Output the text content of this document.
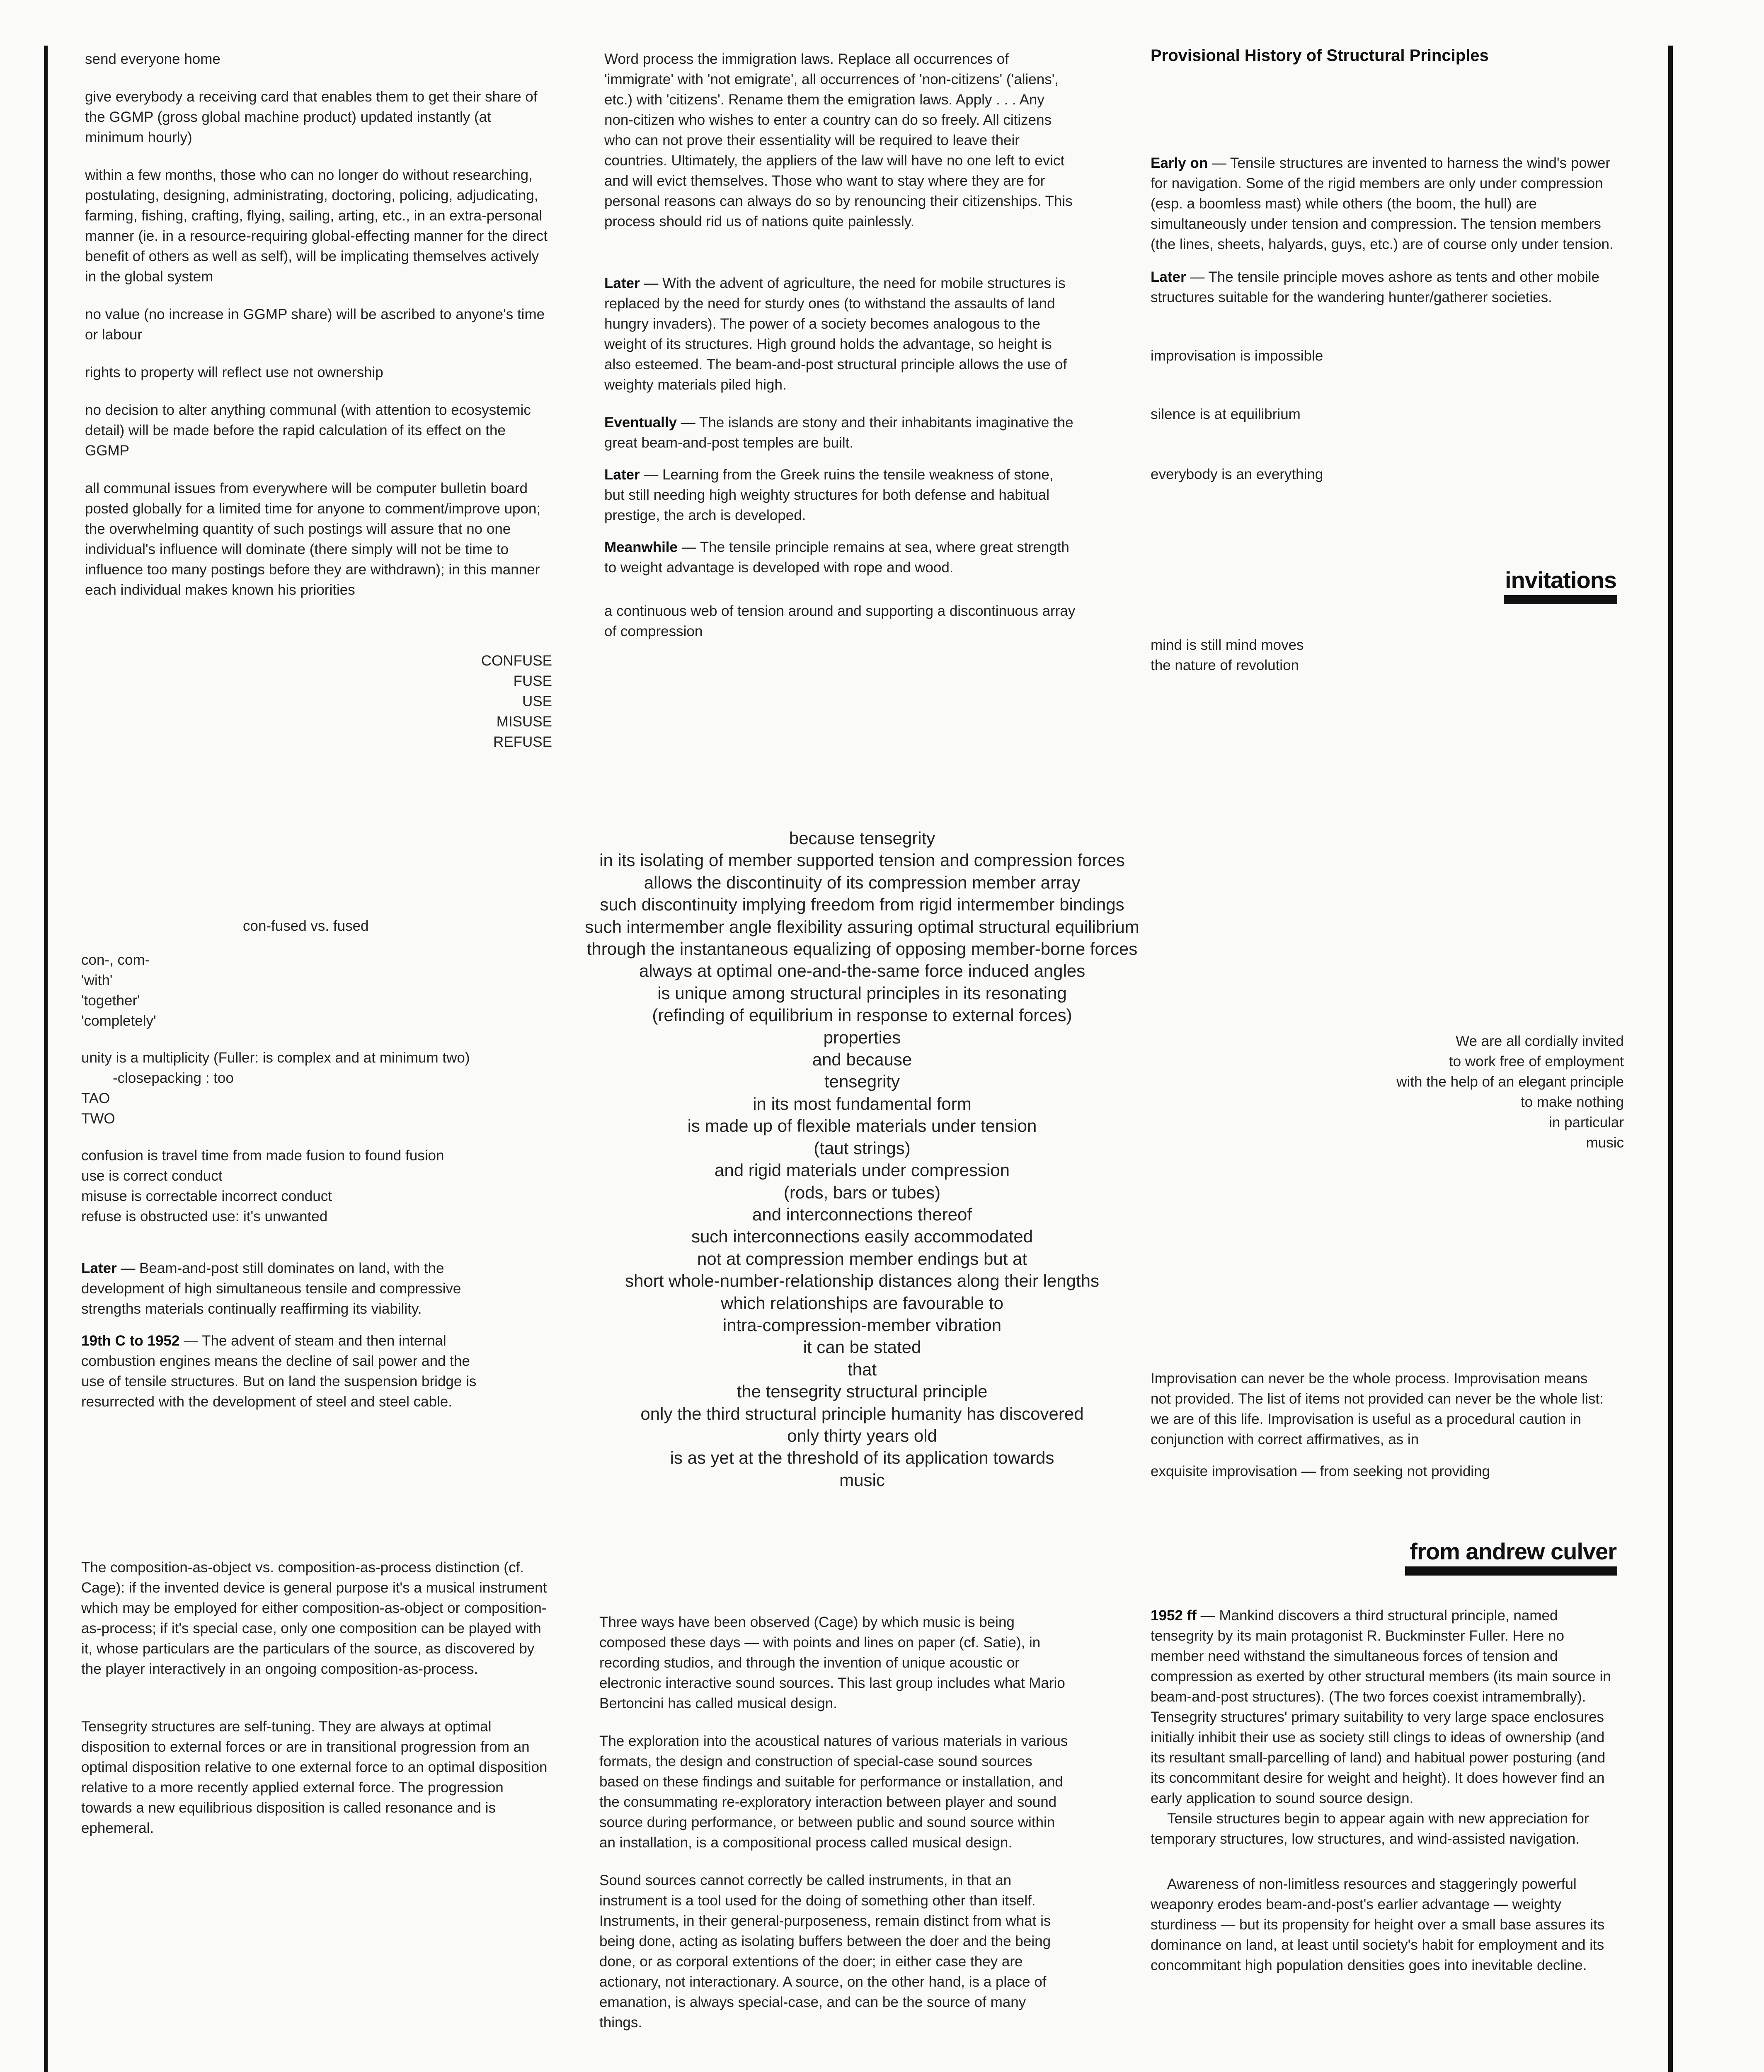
send everyone home

give everybody a receiving card that enables them to get their share of the GGMP (gross global machine product) updated instantly (at minimum hourly)

within a few months, those who can no longer do without researching, postulating, designing, administrating, doctoring, policing, adjudicating, farming, fishing, crafting, flying, sailing, arting, etc., in an extra-personal manner (ie. in a resource-requiring global-effecting manner for the direct benefit of others as well as self), will be implicating themselves actively in the global system

no value (no increase in GGMP share) will be ascribed to anyone's time or labour

rights to property will reflect use not ownership

no decision to alter anything communal (with attention to ecosystemic detail) will be made before the rapid calculation of its effect on the GGMP

all communal issues from everywhere will be computer bulletin board posted globally for a limited time for anyone to comment/improve upon; the overwhelming quantity of such postings will assure that no one individual's influence will dominate (there simply will not be time to influence too many postings before they are withdrawn); in this manner each individual makes known his priorities

CONFUSE
FUSE
USE
MISUSE
REFUSE

Word process the immigration laws. Replace all occurrences of 'immigrate' with 'not emigrate', all occurrences of 'non-citizens' ('aliens', etc.) with 'citizens'. Rename them the emigration laws. Apply . . . Any non-citizen who wishes to enter a country can do so freely. All citizens who can not prove their essentiality will be required to leave their countries. Ultimately, the appliers of the law will have no one left to evict and will evict themselves. Those who want to stay where they are for personal reasons can always do so by renouncing their citizenships. This process should rid us of nations quite painlessly.

Later — With the advent of agriculture, the need for mobile structures is replaced by the need for sturdy ones (to withstand the assaults of land hungry invaders). The power of a society becomes analogous to the weight of its structures. High ground holds the advantage, so height is also esteemed. The beam-and-post structural principle allows the use of weighty materials piled high.

Eventually — The islands are stony and their inhabitants imaginative the great beam-and-post temples are built.

Later — Learning from the Greek ruins the tensile weakness of stone, but still needing high weighty structures for both defense and habitual prestige, the arch is developed.

Meanwhile — The tensile principle remains at sea, where great strength to weight advantage is developed with rope and wood.

a continuous web of tension around and supporting a discontinuous array of compression

Provisional History of Structural Principles

Early on — Tensile structures are invented to harness the wind's power for navigation. Some of the rigid members are only under compression (esp. a boomless mast) while others (the boom, the hull) are simultaneously under tension and compression. The tension members (the lines, sheets, halyards, guys, etc.) are of course only under tension.

Later — The tensile principle moves ashore as tents and other mobile structures suitable for the wandering hunter/gatherer societies.

improvisation is impossible

silence is at equilibrium

everybody is an everything

invitations
mind is still mind moves
the nature of revolution
because tensegrity
in its isolating of member supported tension and compression forces
allows the discontinuity of its compression member array
such discontinuity implying freedom from rigid intermember bindings
such intermember angle flexibility assuring optimal structural equilibrium
through the instantaneous equalizing of opposing member-borne forces
always at optimal one-and-the-same force induced angles
is unique among structural principles in its resonating
(refinding of equilibrium in response to external forces)
properties
and because
tensegrity
in its most fundamental form
is made up of flexible materials under tension
(taut strings)
and rigid materials under compression
(rods, bars or tubes)
and interconnections thereof
such interconnections easily accommodated
not at compression member endings but at
short whole-number-relationship distances along their lengths
which relationships are favourable to
intra-compression-member vibration
it can be stated
that
the tensegrity structural principle
only the third structural principle humanity has discovered
only thirty years old
is as yet at the threshold of its application towards
music
con-fused vs. fused
con-, com-
'with'
'together'
'completely'
unity is a multiplicity (Fuller: is complex and at minimum two)
-closepacking : too
TAO
TWO
confusion is travel time from made fusion to found fusion
use is correct conduct
misuse is correctable incorrect conduct
refuse is obstructed use: it's unwanted

Later — Beam-and-post still dominates on land, with the development of high simultaneous tensile and compressive strengths materials continually reaffirming its viability.

19th C to 1952 — The advent of steam and then internal combustion engines means the decline of sail power and the use of tensile structures. But on land the suspension bridge is resurrected with the development of steel and steel cable.

We are all cordially invited
to work free of employment
with the help of an elegant principle
to make nothing
in particular
music

Improvisation can never be the whole process. Improvisation means not provided. The list of items not provided can never be the whole list: we are of this life. Improvisation is useful as a procedural caution in conjunction with correct affirmatives, as in

exquisite improvisation — from seeking not providing

from andrew culver

The composition-as-object vs. composition-as-process distinction (cf. Cage): if the invented device is general purpose it's a musical instrument which may be employed for either composition-as-object or composition-as-process; if it's special case, only one composition can be played with it, whose particulars are the particulars of the source, as discovered by the player interactively in an ongoing composition-as-process.

Tensegrity structures are self-tuning. They are always at optimal disposition to external forces or are in transitional progression from an optimal disposition relative to one external force to an optimal disposition relative to a more recently applied external force. The progression towards a new equilibrious disposition is called resonance and is ephemeral.

Three ways have been observed (Cage) by which music is being composed these days — with points and lines on paper (cf. Satie), in recording studios, and through the invention of unique acoustic or electronic interactive sound sources. This last group includes what Mario Bertoncini has called musical design.

The exploration into the acoustical natures of various materials in various formats, the design and construction of special-case sound sources based on these findings and suitable for performance or installation, and the consummating re-exploratory interaction between player and sound source during performance, or between public and sound source within an installation, is a compositional process called musical design.

Sound sources cannot correctly be called instruments, in that an instrument is a tool used for the doing of something other than itself. Instruments, in their general-purposeness, remain distinct from what is being done, acting as isolating buffers between the doer and the being done, or as corporal extentions of the doer; in either case they are actionary, not interactionary. A source, on the other hand, is a place of emanation, is always special-case, and can be the source of many things.

1952 ff — Mankind discovers a third structural principle, named tensegrity by its main protagonist R. Buckminster Fuller. Here no member need withstand the simultaneous forces of tension and compression as exerted by other structural members (its main source in beam-and-post structures). (The two forces coexist intramembrally). Tensegrity structures' primary suitability to very large space enclosures initially inhibit their use as society still clings to ideas of ownership (and its resultant small-parcelling of land) and habitual power posturing (and its concommitant desire for weight and height). It does however find an early application to sound source design.

Tensile structures begin to appear again with new appreciation for temporary structures, low structures, and wind-assisted navigation.

Awareness of non-limitless resources and staggeringly powerful weaponry erodes beam-and-post's earlier advantage — weighty sturdiness — but its propensity for height over a small base assures its dominance on land, at least until society's habit for employment and its concommitant high population densities goes into inevitable decline.
